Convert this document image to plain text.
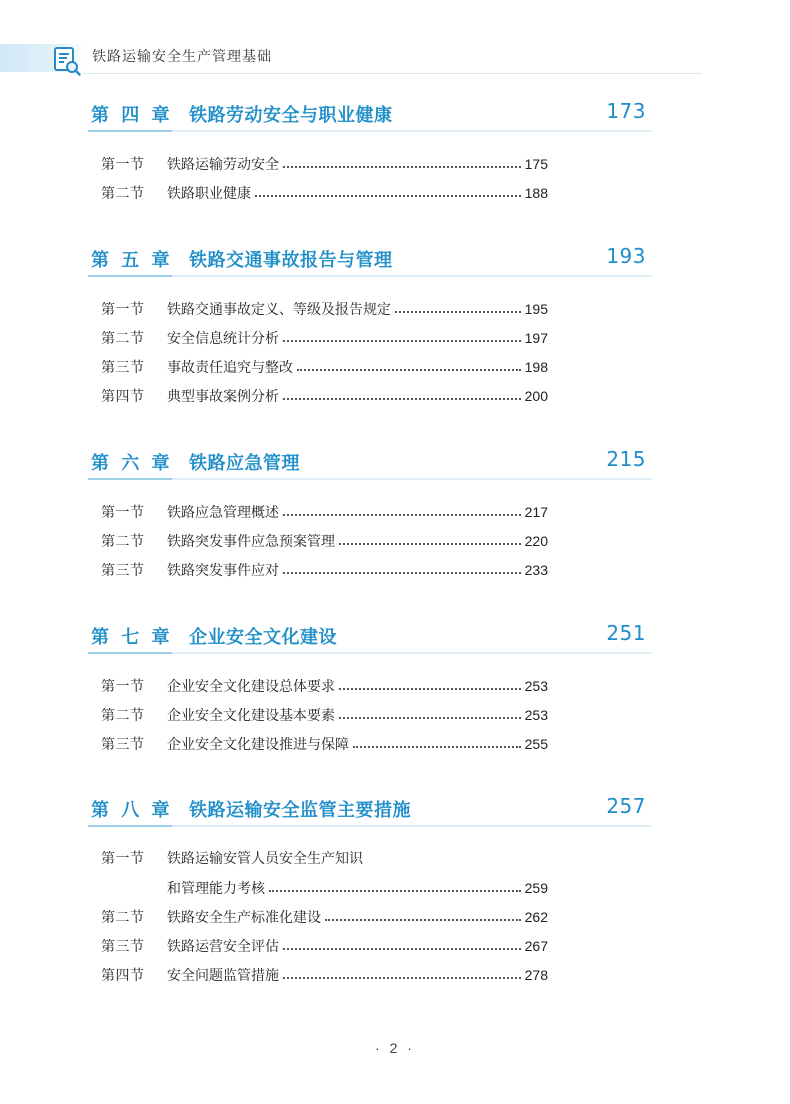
铁路运输安全生产管理基础
第 四 章 铁路劳动安全与职业健康	173
第一节	铁路运输劳动安全	175
第二节	铁路职业健康	188
第 五 章 铁路交通事故报告与管理	193
第一节	铁路交通事故定义、等级及报告规定	195
第二节	安全信息统计分析	197
第三节	事故责任追究与整改	198
第四节	典型事故案例分析	200
第 六 章 铁路应急管理	215
第一节	铁路应急管理概述	217
第二节	铁路突发事件应急预案管理	220
第三节	铁路突发事件应对	233
第 七 章 企业安全文化建设	251
第一节	企业安全文化建设总体要求	253
第二节	企业安全文化建设基本要素	253
第三节	企业安全文化建设推进与保障	255
第 八 章 铁路运输安全监管主要措施	257
第一节	铁路运输安管人员安全生产知识
和管理能力考核	259
第二节	铁路安全生产标准化建设	262
第三节	铁路运营安全评估	267
第四节	安全问题监管措施	278
· 2 ·
